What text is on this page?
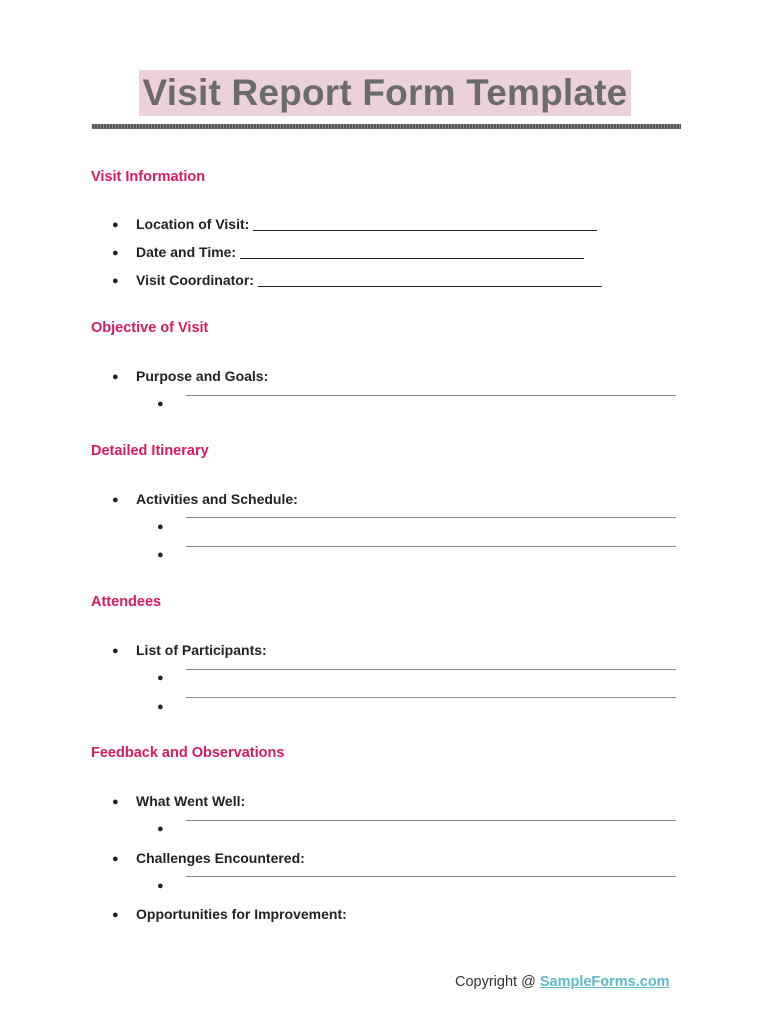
Visit Report Form Template
Visit Information
● Location of Visit:
● Date and Time:
● Visit Coordinator:
Objective of Visit
● Purpose and Goals:
●
Detailed Itinerary
● Activities and Schedule:
●
●
Attendees
● List of Participants:
●
●
Feedback and Observations
● What Went Well:
●
● Challenges Encountered:
●
● Opportunities for Improvement:
Copyright @ SampleForms.com
